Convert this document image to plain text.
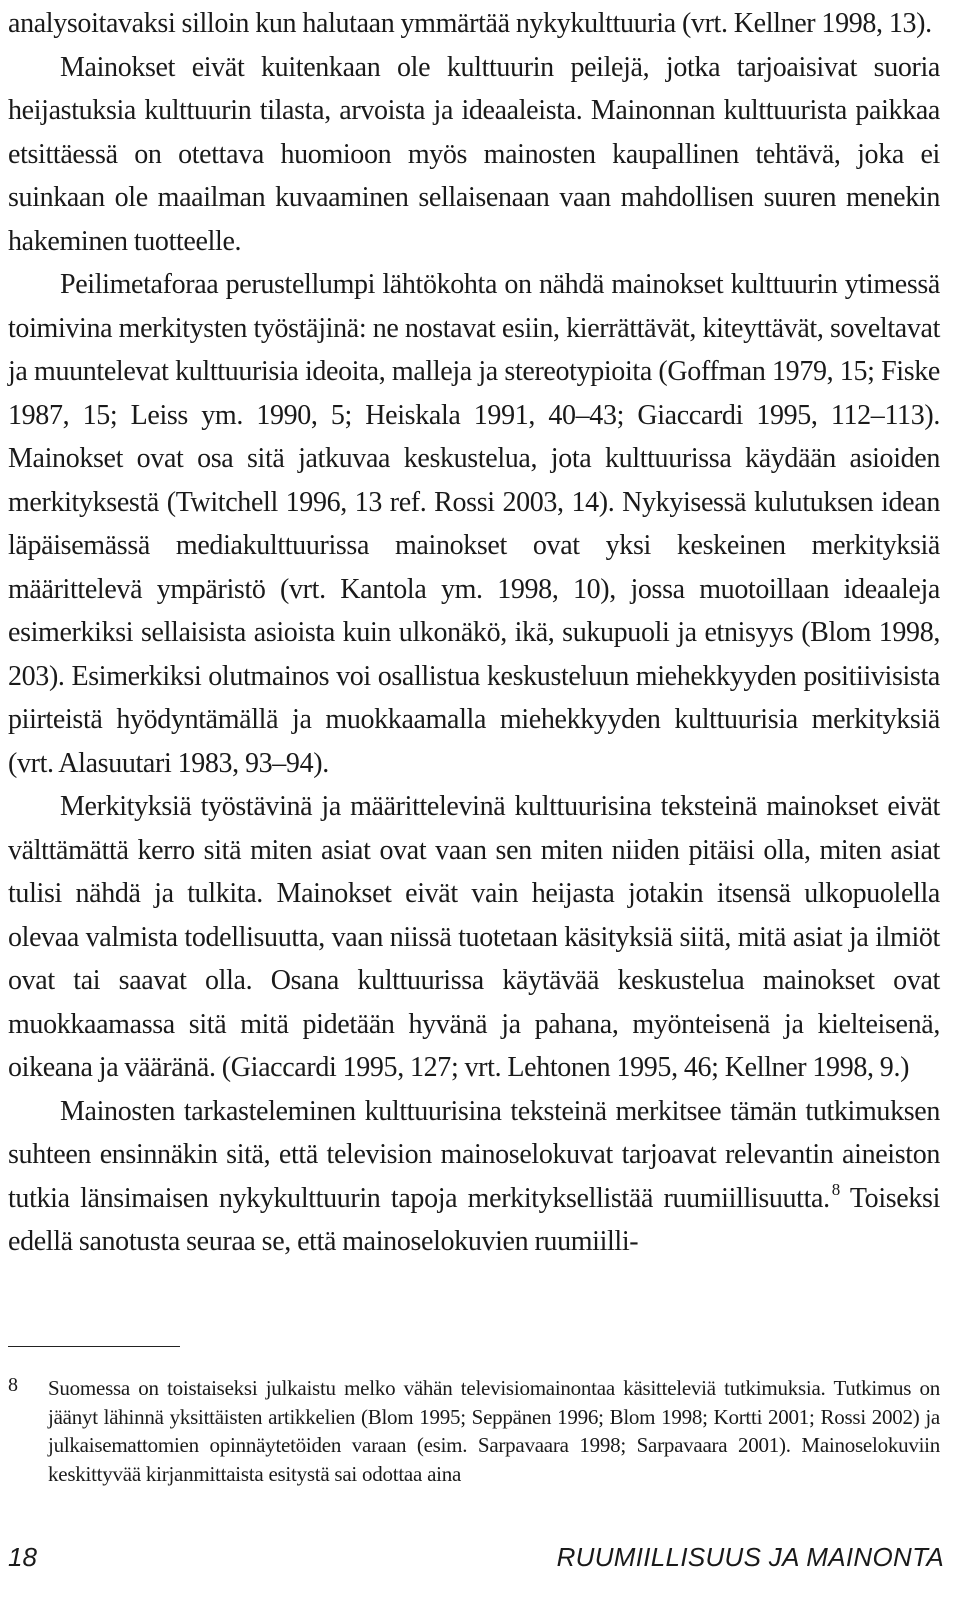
analysoitavaksi silloin kun halutaan ymmärtää nykykulttuuria (vrt. Kellner 1998, 13).

Mainokset eivät kuitenkaan ole kulttuurin peilejä, jotka tarjoaisivat suoria heijastuksia kulttuurin tilasta, arvoista ja ideaaleista. Mainonnan kulttuurista paikkaa etsittäessä on otettava huomioon myös mainosten kaupallinen tehtävä, joka ei suinkaan ole maailman kuvaaminen sellaisenaan vaan mahdollisen suuren menekin hakeminen tuotteelle.

Peilimetaforaa perustellumpi lähtökohta on nähdä mainokset kulttuurin ytimessä toimivina merkitysten työstäjinä: ne nostavat esiin, kierrättävät, kiteyttävät, soveltavat ja muuntelevat kulttuurisia ideoita, malleja ja stereotypioita (Goffman 1979, 15; Fiske 1987, 15; Leiss ym. 1990, 5; Heiskala 1991, 40–43; Giaccardi 1995, 112–113). Mainokset ovat osa sitä jatkuvaa keskustelua, jota kulttuurissa käydään asioiden merkityksestä (Twitchell 1996, 13 ref. Rossi 2003, 14). Nykyisessä kulutuksen idean läpäisemässä mediakulttuurissa mainokset ovat yksi keskeinen merkityksiä määrittelevä ympäristö (vrt. Kantola ym. 1998, 10), jossa muotoillaan ideaaleja esimerkiksi sellaisista asioista kuin ulkonäkö, ikä, sukupuoli ja etnisyys (Blom 1998, 203). Esimerkiksi olutmainos voi osallistua keskusteluun miehekkyyden positiivisista piirteistä hyödyntämällä ja muokkaamalla miehekkyyden kulttuurisia merkityksiä (vrt. Alasuutari 1983, 93–94).

Merkityksiä työstävinä ja määrittelevinä kulttuurisina teksteinä mainokset eivät välttämättä kerro sitä miten asiat ovat vaan sen miten niiden pitäisi olla, miten asiat tulisi nähdä ja tulkita. Mainokset eivät vain heijasta jotakin itsensä ulkopuolella olevaa valmista todellisuutta, vaan niissä tuotetaan käsityksiä siitä, mitä asiat ja ilmiöt ovat tai saavat olla. Osana kulttuurissa käytävää keskustelua mainokset ovat muokkaamassa sitä mitä pidetään hyvänä ja pahana, myönteisenä ja kielteisenä, oikeana ja vääränä. (Giaccardi 1995, 127; vrt. Lehtonen 1995, 46; Kellner 1998, 9.)

Mainosten tarkasteleminen kulttuurisina teksteinä merkitsee tämän tutkimuksen suhteen ensinnäkin sitä, että television mainoselokuvat tarjoavat relevantin aineiston tutkia länsimaisen nykykulttuurin tapoja merkityksellistää ruumiillisuutta. $^8$ Toiseksi edellä sanotusta seuraa se, että mainoselokuvien ruumiilli-

8 Suomessa on toistaiseksi julkaistu melko vähän televisiomainontaa käsitteleviä tutkimuksia. Tutkimus on jäänyt lähinnä yksittäisten artikkelien (Blom 1995; Seppänen 1996; Blom 1998; Kortti 2001; Rossi 2002) ja julkaisemattomien opinnäytetöiden varaan (esim. Sarpavaara 1998; Sarpavaara 2001). Mainoselokuviin keskittyvää kirjanmittaista esitystä sai odottaa aina
18	RUUMIILLISUUS JA MAINONTA
